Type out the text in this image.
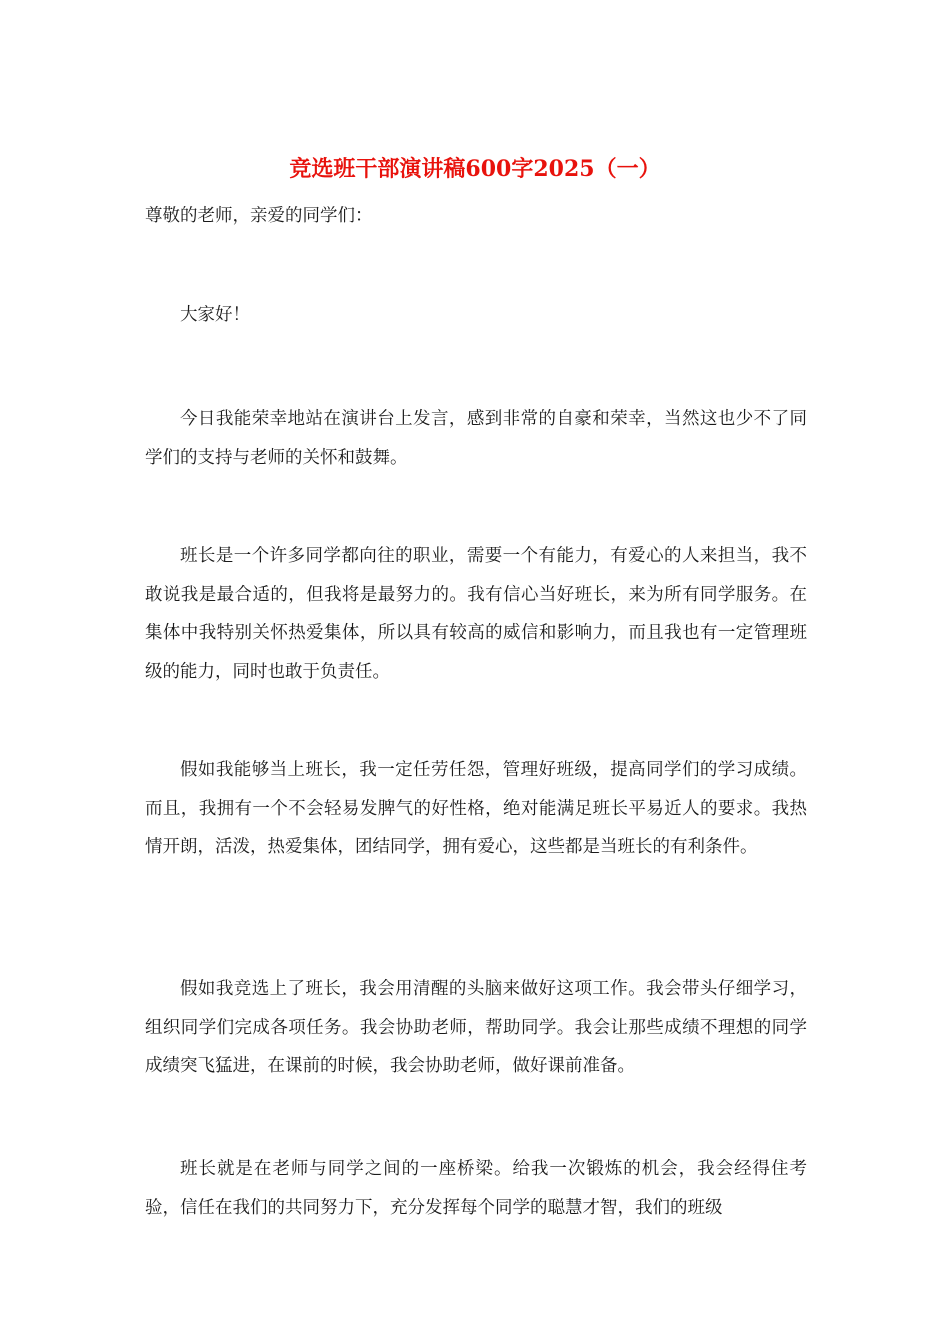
竞选班干部演讲稿600字2025（一）

尊敬的老师，亲爱的同学们：

大家好！

今日我能荣幸地站在演讲台上发言，感到非常的自豪和荣幸，当然这也少不了同学们的支持与老师的关怀和鼓舞。

班长是一个许多同学都向往的职业，需要一个有能力，有爱心的人来担当，我不敢说我是最合适的，但我将是最努力的。我有信心当好班长，来为所有同学服务。在集体中我特别关怀热爱集体，所以具有较高的威信和影响力，而且我也有一定管理班级的能力，同时也敢于负责任。

假如我能够当上班长，我一定任劳任怨，管理好班级，提高同学们的学习成绩。而且，我拥有一个不会轻易发脾气的好性格，绝对能满足班长平易近人的要求。我热情开朗，活泼，热爱集体，团结同学，拥有爱心，这些都是当班长的有利条件。

假如我竞选上了班长，我会用清醒的头脑来做好这项工作。我会带头仔细学习，组织同学们完成各项任务。我会协助老师，帮助同学。我会让那些成绩不理想的同学成绩突飞猛进，在课前的时候，我会协助老师，做好课前准备。

班长就是在老师与同学之间的一座桥梁。给我一次锻炼的机会，我会经得住考验，信任在我们的共同努力下，充分发挥每个同学的聪慧才智，我们的班级
